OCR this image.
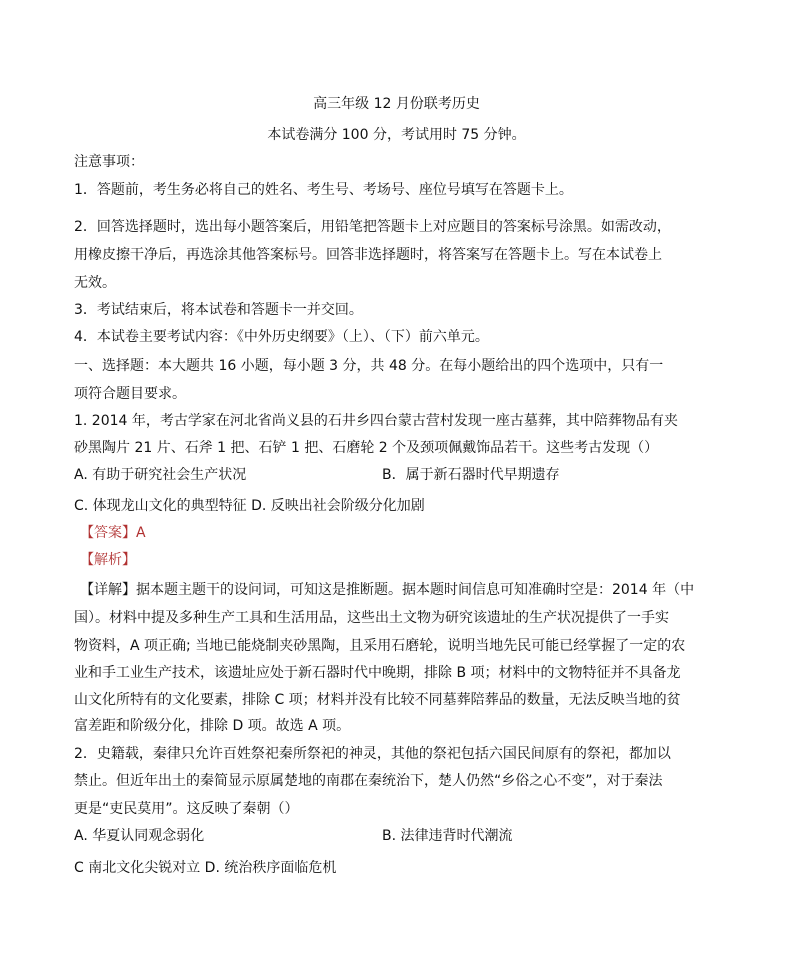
高三年级 12 月份联考历史
本试卷满分 100 分，考试用时 75 分钟。
注意事项：
1．答题前，考生务必将自己的姓名、考生号、考场号、座位号填写在答题卡上。
2．回答选择题时，选出每小题答案后，用铅笔把答题卡上对应题目的答案标号涂黑。如需改动，
用橡皮擦干净后，再选涂其他答案标号。回答非选择题时，将答案写在答题卡上。写在本试卷上
无效。
3．考试结束后，将本试卷和答题卡一并交回。
4．本试卷主要考试内容：《中外历史纲要》（上）、（下）前六单元。
一、选择题：本大题共 16 小题，每小题 3 分，共 48 分。在每小题给出的四个选项中，只有一
项符合题目要求。
1. 2014 年，考古学家在河北省尚义县的石井乡四台蒙古营村发现一座古墓葬，其中陪葬物品有夹
砂黑陶片 21 片、石斧 1 把、石铲 1 把、石磨轮 2 个及颈项佩戴饰品若干。这些考古发现（）
A. 有助于研究社会生产状况	B．属于新石器时代早期遗存
C. 体现龙山文化的典型特征 D. 反映出社会阶级分化加剧
【答案】A
【解析】
【详解】据本题主题干的设问词，可知这是推断题。据本题时间信息可知准确时空是：2014 年（中
国）。材料中提及多种生产工具和生活用品，这些出土文物为研究该遗址的生产状况提供了一手实
物资料，A 项正确; 当地已能烧制夹砂黑陶，且采用石磨轮，说明当地先民可能已经掌握了一定的农
业和手工业生产技术，该遗址应处于新石器时代中晚期，排除 B 项；材料中的文物特征并不具备龙
山文化所特有的文化要素，排除 C 项；材料并没有比较不同墓葬陪葬品的数量，无法反映当地的贫
富差距和阶级分化，排除 D 项。故选 A 项。
2．史籍载，秦律只允许百姓祭祀秦所祭祀的神灵，其他的祭祀包括六国民间原有的祭祀，都加以
禁止。但近年出土的秦简显示原属楚地的南郡在秦统治下，楚人仍然“乡俗之心不变”，对于秦法
更是“吏民莫用”。这反映了秦朝（）
A. 华夏认同观念弱化	B. 法律违背时代潮流
C 南北文化尖锐对立 D. 统治秩序面临危机
